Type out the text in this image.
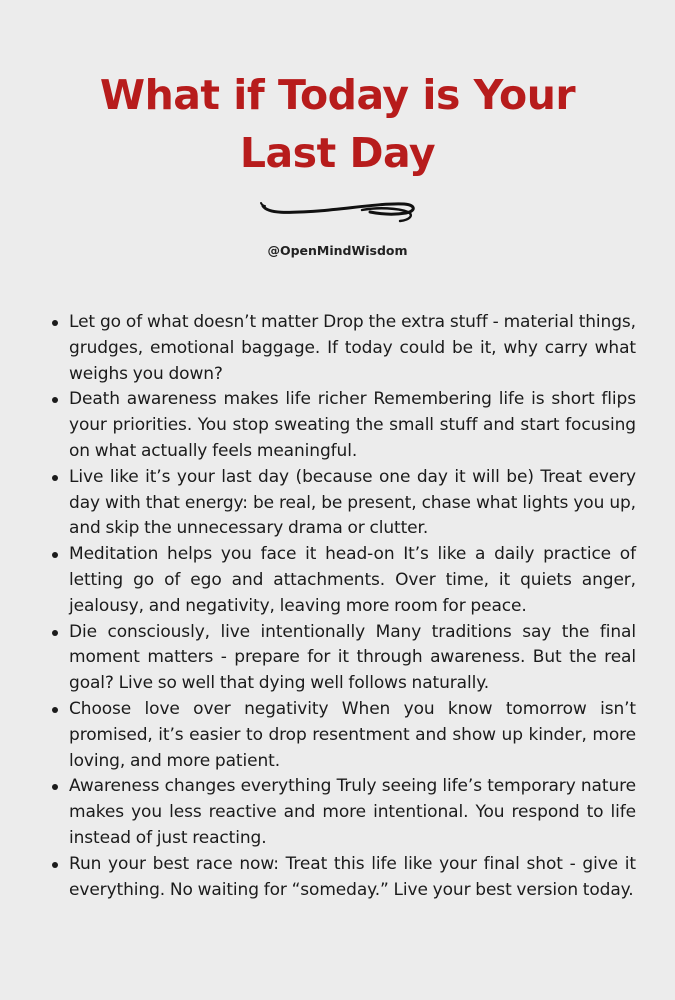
What if Today is Your
Last Day
@OpenMindWisdom
Let go of what doesn’t matter Drop the extra stuff - material things, grudges, emotional baggage. If today could be it, why carry what weighs you down?
Death awareness makes life richer Remembering life is short flips your priorities. You stop sweating the small stuff and start focusing on what actually feels meaningful.
Live like it’s your last day (because one day it will be) Treat every day with that energy: be real, be present, chase what lights you up, and skip the unnecessary drama or clutter.
Meditation helps you face it head-on It’s like a daily practice of letting go of ego and attachments. Over time, it quiets anger, jealousy, and negativity, leaving more room for peace.
Die consciously, live intentionally Many traditions say the final moment matters - prepare for it through awareness. But the real goal? Live so well that dying well follows naturally.
Choose love over negativity When you know tomorrow isn’t promised, it’s easier to drop resentment and show up kinder, more loving, and more patient.
Awareness changes everything Truly seeing life’s temporary nature makes you less reactive and more intentional. You respond to life instead of just reacting.
Run your best race now: Treat this life like your final shot - give it everything. No waiting for “someday.” Live your best version today.
